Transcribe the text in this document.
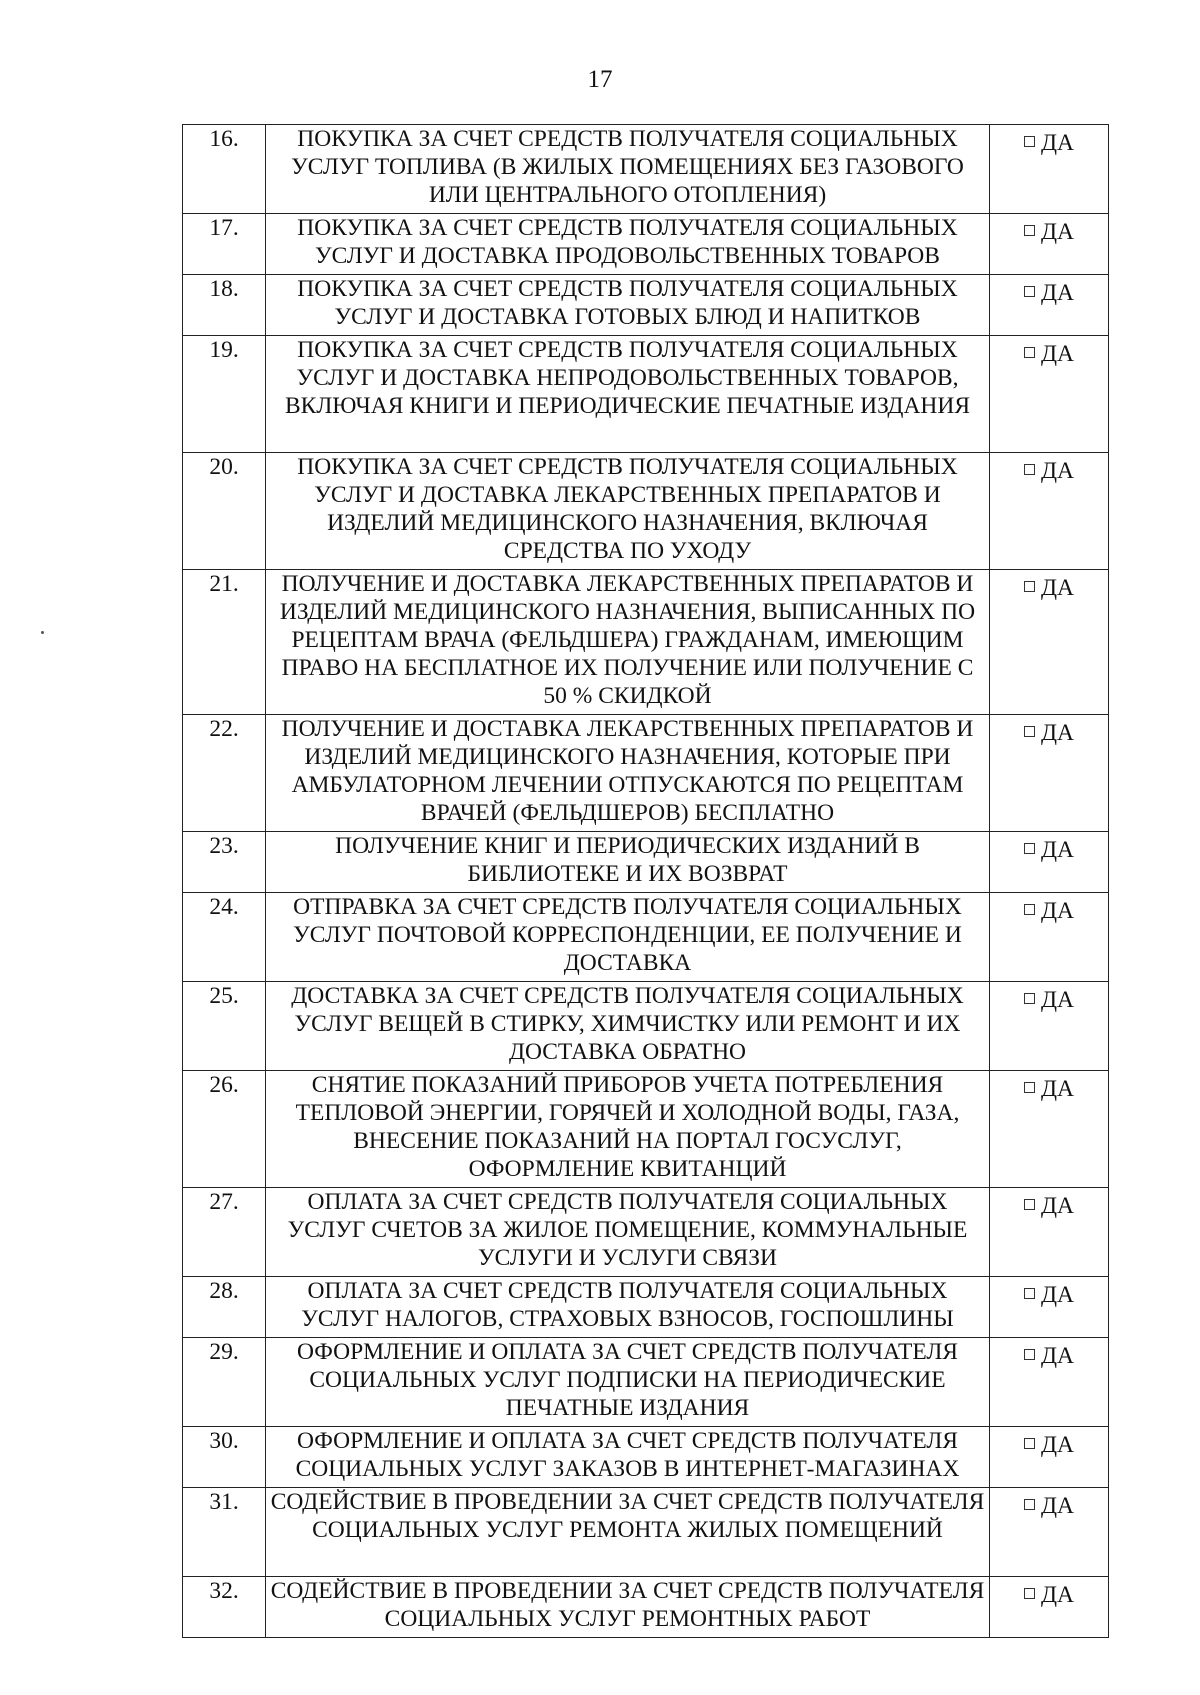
17
16.	ПОКУПКА ЗА СЧЕТ СРЕДСТВ ПОЛУЧАТЕЛЯ СОЦИАЛЬНЫХ УСЛУГ ТОПЛИВА (В ЖИЛЫХ ПОМЕЩЕНИЯХ БЕЗ ГАЗОВОГО ИЛИ ЦЕНТРАЛЬНОГО ОТОПЛЕНИЯ)	ДА
17.	ПОКУПКА ЗА СЧЕТ СРЕДСТВ ПОЛУЧАТЕЛЯ СОЦИАЛЬНЫХ УСЛУГ И ДОСТАВКА ПРОДОВОЛЬСТВЕННЫХ ТОВАРОВ	ДА
18.	ПОКУПКА ЗА СЧЕТ СРЕДСТВ ПОЛУЧАТЕЛЯ СОЦИАЛЬНЫХ УСЛУГ И ДОСТАВКА ГОТОВЫХ БЛЮД И НАПИТКОВ	ДА
19.	ПОКУПКА ЗА СЧЕТ СРЕДСТВ ПОЛУЧАТЕЛЯ СОЦИАЛЬНЫХ УСЛУГ И ДОСТАВКА НЕПРОДОВОЛЬСТВЕННЫХ ТОВАРОВ, ВКЛЮЧАЯ КНИГИ И ПЕРИОДИЧЕСКИЕ ПЕЧАТНЫЕ ИЗДАНИЯ	ДА
20.	ПОКУПКА ЗА СЧЕТ СРЕДСТВ ПОЛУЧАТЕЛЯ СОЦИАЛЬНЫХ УСЛУГ И ДОСТАВКА ЛЕКАРСТВЕННЫХ ПРЕПАРАТОВ И ИЗДЕЛИЙ МЕДИЦИНСКОГО НАЗНАЧЕНИЯ, ВКЛЮЧАЯ СРЕДСТВА ПО УХОДУ	ДА
21.	ПОЛУЧЕНИЕ И ДОСТАВКА ЛЕКАРСТВЕННЫХ ПРЕПАРАТОВ И ИЗДЕЛИЙ МЕДИЦИНСКОГО НАЗНАЧЕНИЯ, ВЫПИСАННЫХ ПО РЕЦЕПТАМ ВРАЧА (ФЕЛЬДШЕРА) ГРАЖДАНАМ, ИМЕЮЩИМ ПРАВО НА БЕСПЛАТНОЕ ИХ ПОЛУЧЕНИЕ ИЛИ ПОЛУЧЕНИЕ С 50 % СКИДКОЙ	ДА
22.	ПОЛУЧЕНИЕ И ДОСТАВКА ЛЕКАРСТВЕННЫХ ПРЕПАРАТОВ И ИЗДЕЛИЙ МЕДИЦИНСКОГО НАЗНАЧЕНИЯ, КОТОРЫЕ ПРИ АМБУЛАТОРНОМ ЛЕЧЕНИИ ОТПУСКАЮТСЯ ПО РЕЦЕПТАМ ВРАЧЕЙ (ФЕЛЬДШЕРОВ) БЕСПЛАТНО	ДА
23.	ПОЛУЧЕНИЕ КНИГ И ПЕРИОДИЧЕСКИХ ИЗДАНИЙ В БИБЛИОТЕКЕ И ИХ ВОЗВРАТ	ДА
24.	ОТПРАВКА ЗА СЧЕТ СРЕДСТВ ПОЛУЧАТЕЛЯ СОЦИАЛЬНЫХ УСЛУГ ПОЧТОВОЙ КОРРЕСПОНДЕНЦИИ, ЕЕ ПОЛУЧЕНИЕ И ДОСТАВКА	ДА
25.	ДОСТАВКА ЗА СЧЕТ СРЕДСТВ ПОЛУЧАТЕЛЯ СОЦИАЛЬНЫХ УСЛУГ ВЕЩЕЙ В СТИРКУ, ХИМЧИСТКУ ИЛИ РЕМОНТ И ИХ ДОСТАВКА ОБРАТНО	ДА
26.	СНЯТИЕ ПОКАЗАНИЙ ПРИБОРОВ УЧЕТА ПОТРЕБЛЕНИЯ ТЕПЛОВОЙ ЭНЕРГИИ, ГОРЯЧЕЙ И ХОЛОДНОЙ ВОДЫ, ГАЗА, ВНЕСЕНИЕ ПОКАЗАНИЙ НА ПОРТАЛ ГОСУСЛУГ, ОФОРМЛЕНИЕ КВИТАНЦИЙ	ДА
27.	ОПЛАТА ЗА СЧЕТ СРЕДСТВ ПОЛУЧАТЕЛЯ СОЦИАЛЬНЫХ УСЛУГ СЧЕТОВ ЗА ЖИЛОЕ ПОМЕЩЕНИЕ, КОММУНАЛЬНЫЕ УСЛУГИ И УСЛУГИ СВЯЗИ	ДА
28.	ОПЛАТА ЗА СЧЕТ СРЕДСТВ ПОЛУЧАТЕЛЯ СОЦИАЛЬНЫХ УСЛУГ НАЛОГОВ, СТРАХОВЫХ ВЗНОСОВ, ГОСПОШЛИНЫ	ДА
29.	ОФОРМЛЕНИЕ И ОПЛАТА ЗА СЧЕТ СРЕДСТВ ПОЛУЧАТЕЛЯ СОЦИАЛЬНЫХ УСЛУГ ПОДПИСКИ НА ПЕРИОДИЧЕСКИЕ ПЕЧАТНЫЕ ИЗДАНИЯ	ДА
30.	ОФОРМЛЕНИЕ И ОПЛАТА ЗА СЧЕТ СРЕДСТВ ПОЛУЧАТЕЛЯ СОЦИАЛЬНЫХ УСЛУГ ЗАКАЗОВ В ИНТЕРНЕТ-МАГАЗИНАХ	ДА
31.	СОДЕЙСТВИЕ В ПРОВЕДЕНИИ ЗА СЧЕТ СРЕДСТВ ПОЛУЧАТЕЛЯ СОЦИАЛЬНЫХ УСЛУГ РЕМОНТА ЖИЛЫХ ПОМЕЩЕНИЙ	ДА
32.	СОДЕЙСТВИЕ В ПРОВЕДЕНИИ ЗА СЧЕТ СРЕДСТВ ПОЛУЧАТЕЛЯ СОЦИАЛЬНЫХ УСЛУГ РЕМОНТНЫХ РАБОТ	ДА
